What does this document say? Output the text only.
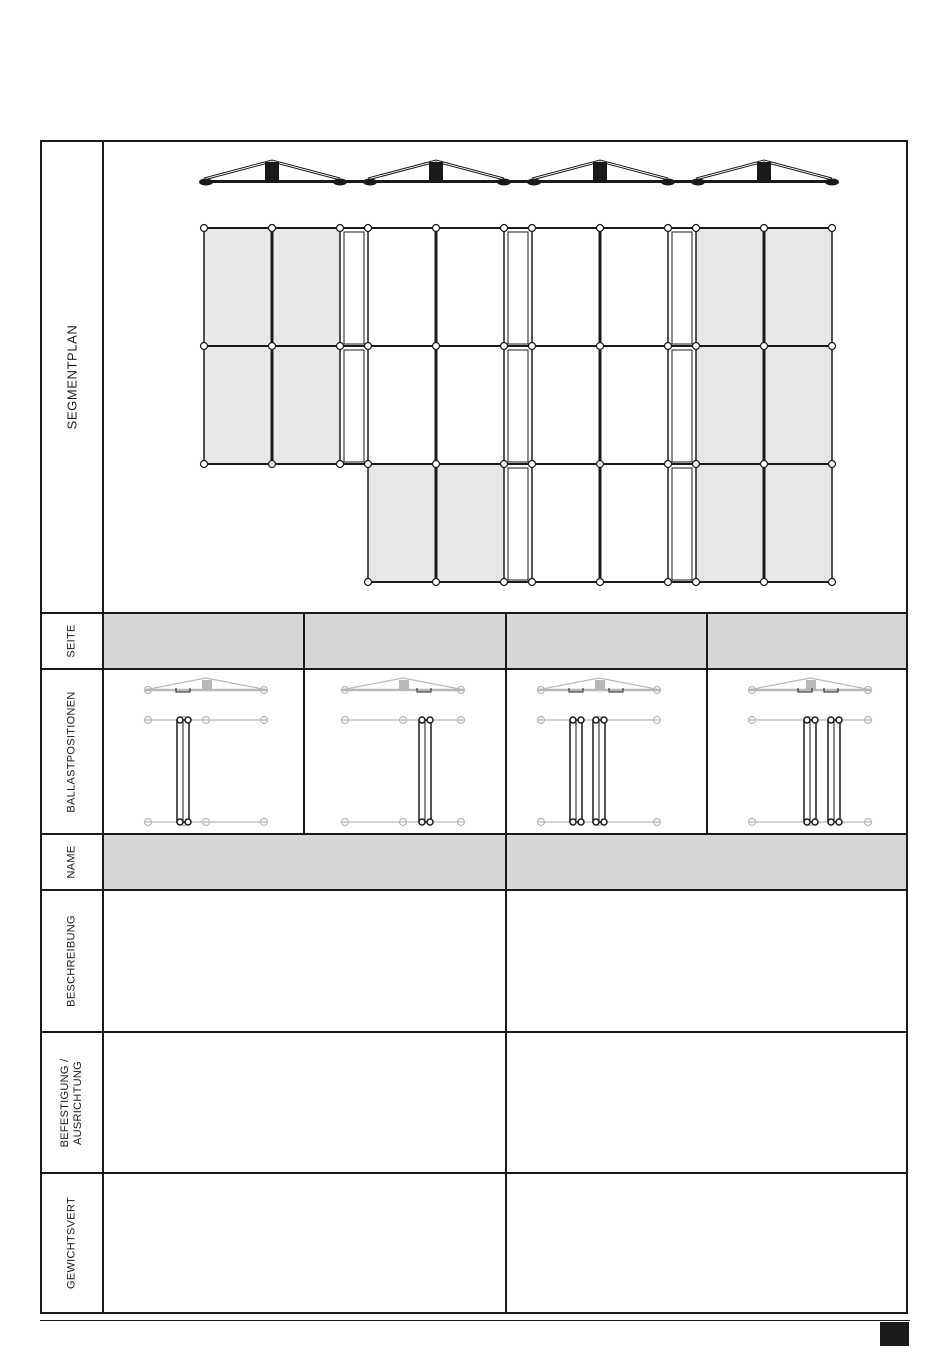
SEGMENTPLAN
SEITE
BALLASTPOSITIONEN
NAME
BESCHREIBUNG
BEFESTIGUNG /
AUSRICHTUNG
GEWICHTSVERT
